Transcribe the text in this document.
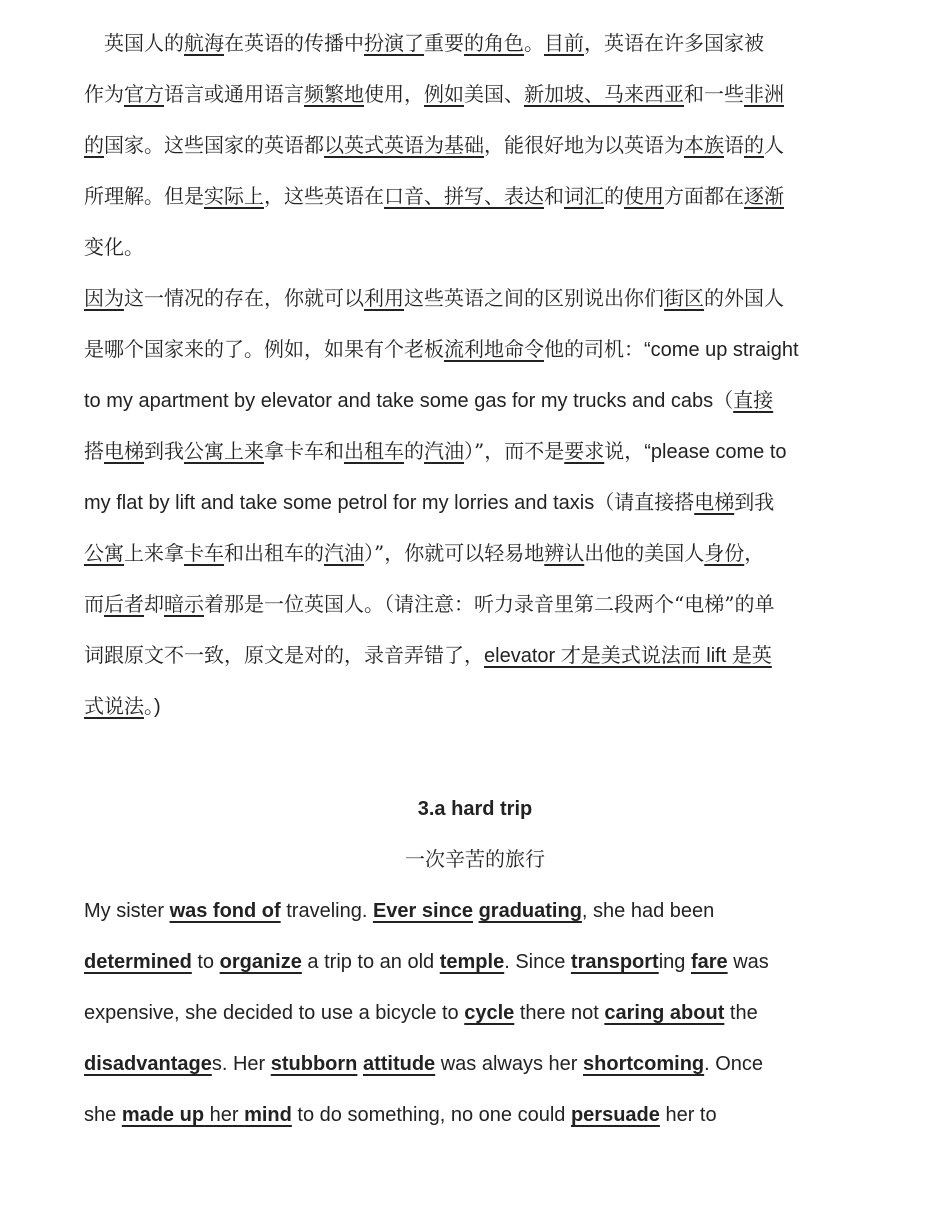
　英国人的航海在英语的传播中扮演了重要的角色。目前，英语在许多国家被
作为官方语言或通用语言频繁地使用，例如美国、新加坡、马来西亚和一些非洲
的国家。这些国家的英语都以英式英语为基础，能很好地为以英语为本族语的人
所理解。但是实际上，这些英语在口音、拼写、表达和词汇的使用方面都在逐渐
变化。
因为这一情况的存在，你就可以利用这些英语之间的区别说出你们街区的外国人
是哪个国家来的了。例如，如果有个老板流利地命令他的司机：“come up straight
to my apartment by elevator and take some gas for my trucks and cabs（直接
搭电梯到我公寓上来拿卡车和出租车的汽油）”，而不是要求说，“please come to
my flat by lift and take some petrol for my lorries and taxis（请直接搭电梯到我
公寓上来拿卡车和出租车的汽油）”，你就可以轻易地辨认出他的美国人身份，
而后者却暗示着那是一位英国人。（请注意：听力录音里第二段两个“电梯”的单
词跟原文不一致，原文是对的，录音弄错了，elevator 才是美式说法而 lift 是英
式说法。)
3.a hard trip
一次辛苦的旅行
My sister was fond of traveling. Ever since graduating, she had been
determined to organize a trip to an old temple. Since transporting fare was
expensive, she decided to use a bicycle to cycle there not caring about the
disadvantages. Her stubborn attitude was always her shortcoming. Once
she made up her mind to do something, no one could persuade her to
